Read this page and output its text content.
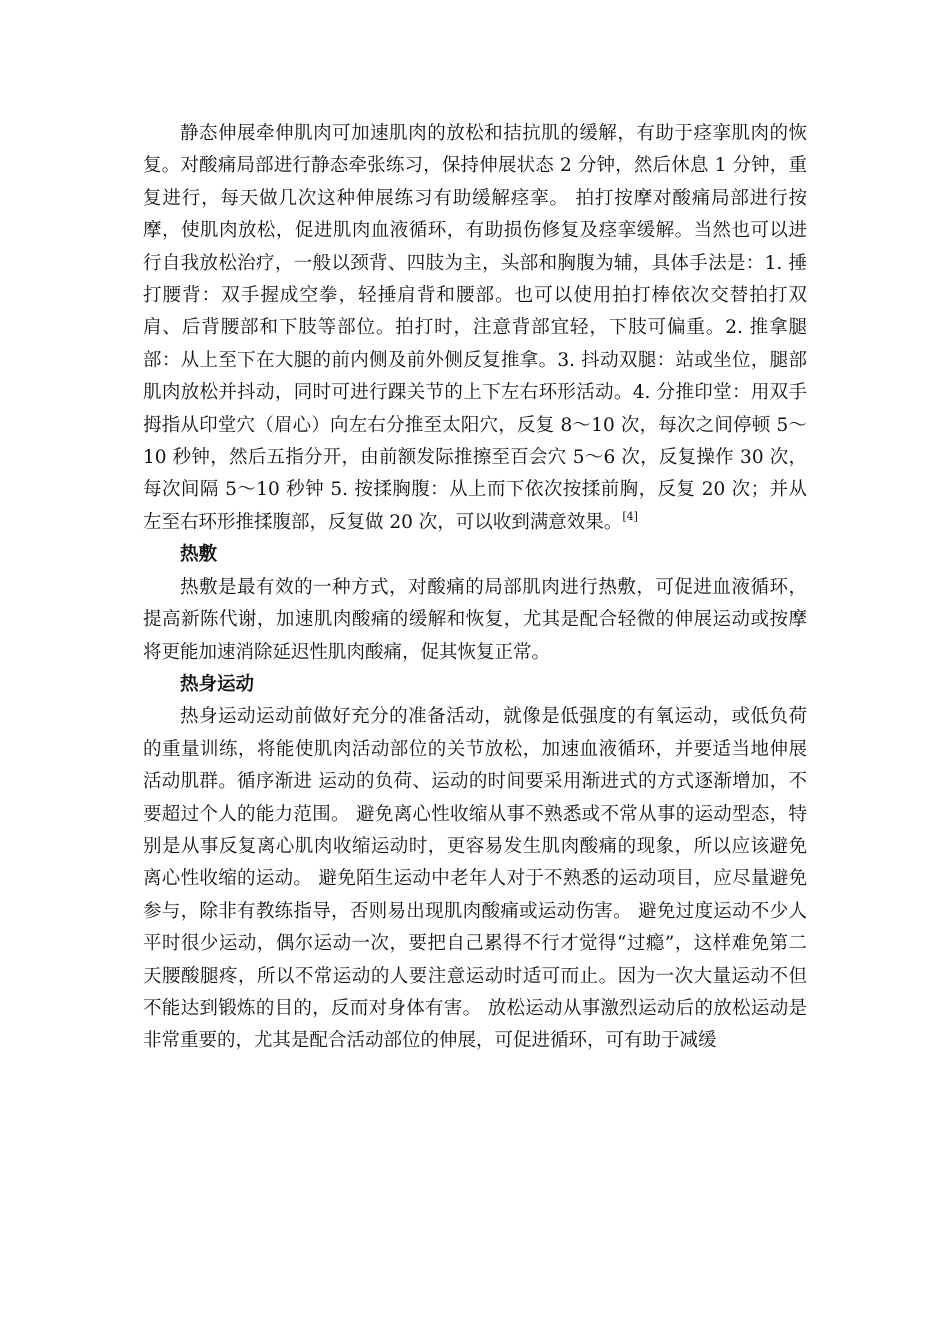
静态伸展牵伸肌肉可加速肌肉的放松和拮抗肌的缓解，有助于痉挛肌肉的恢复。对酸痛局部进行静态牵张练习，保持伸展状态 2 分钟，然后休息 1 分钟，重复进行，每天做几次这种伸展练习有助缓解痉挛。 拍打按摩对酸痛局部进行按摩，使肌肉放松，促进肌肉血液循环，有助损伤修复及痉挛缓解。当然也可以进行自我放松治疗，一般以颈背、四肢为主，头部和胸腹为辅，具体手法是：1. 捶打腰背：双手握成空拳，轻捶肩背和腰部。也可以使用拍打棒依次交替拍打双肩、后背腰部和下肢等部位。拍打时，注意背部宜轻，下肢可偏重。2. 推拿腿部：从上至下在大腿的前内侧及前外侧反复推拿。3. 抖动双腿：站或坐位，腿部肌肉放松并抖动，同时可进行踝关节的上下左右环形活动。4. 分推印堂：用双手拇指从印堂穴（眉心）向左右分推至太阳穴，反复 8～10 次，每次之间停顿 5～10 秒钟，然后五指分开，由前额发际推擦至百会穴 5～6 次，反复操作 30 次，每次间隔 5～10 秒钟 5. 按揉胸腹：从上而下依次按揉前胸，反复 20 次；并从左至右环形推揉腹部，反复做 20 次，可以收到满意效果。[4]

热敷

热敷是最有效的一种方式，对酸痛的局部肌肉进行热敷，可促进血液循环，提高新陈代谢，加速肌肉酸痛的缓解和恢复，尤其是配合轻微的伸展运动或按摩将更能加速消除延迟性肌肉酸痛，促其恢复正常。

热身运动

热身运动运动前做好充分的准备活动，就像是低强度的有氧运动，或低负荷的重量训练，将能使肌肉活动部位的关节放松，加速血液循环，并要适当地伸展活动肌群。循序渐进 运动的负荷、运动的时间要采用渐进式的方式逐渐增加，不要超过个人的能力范围。 避免离心性收缩从事不熟悉或不常从事的运动型态，特别是从事反复离心肌肉收缩运动时，更容易发生肌肉酸痛的现象，所以应该避免离心性收缩的运动。 避免陌生运动中老年人对于不熟悉的运动项目，应尽量避免参与，除非有教练指导，否则易出现肌肉酸痛或运动伤害。 避免过度运动不少人平时很少运动，偶尔运动一次，要把自己累得不行才觉得“过瘾”，这样难免第二天腰酸腿疼，所以不常运动的人要注意运动时适可而止。因为一次大量运动不但不能达到锻炼的目的，反而对身体有害。 放松运动从事激烈运动后的放松运动是非常重要的，尤其是配合活动部位的伸展，可促进循环，可有助于减缓
